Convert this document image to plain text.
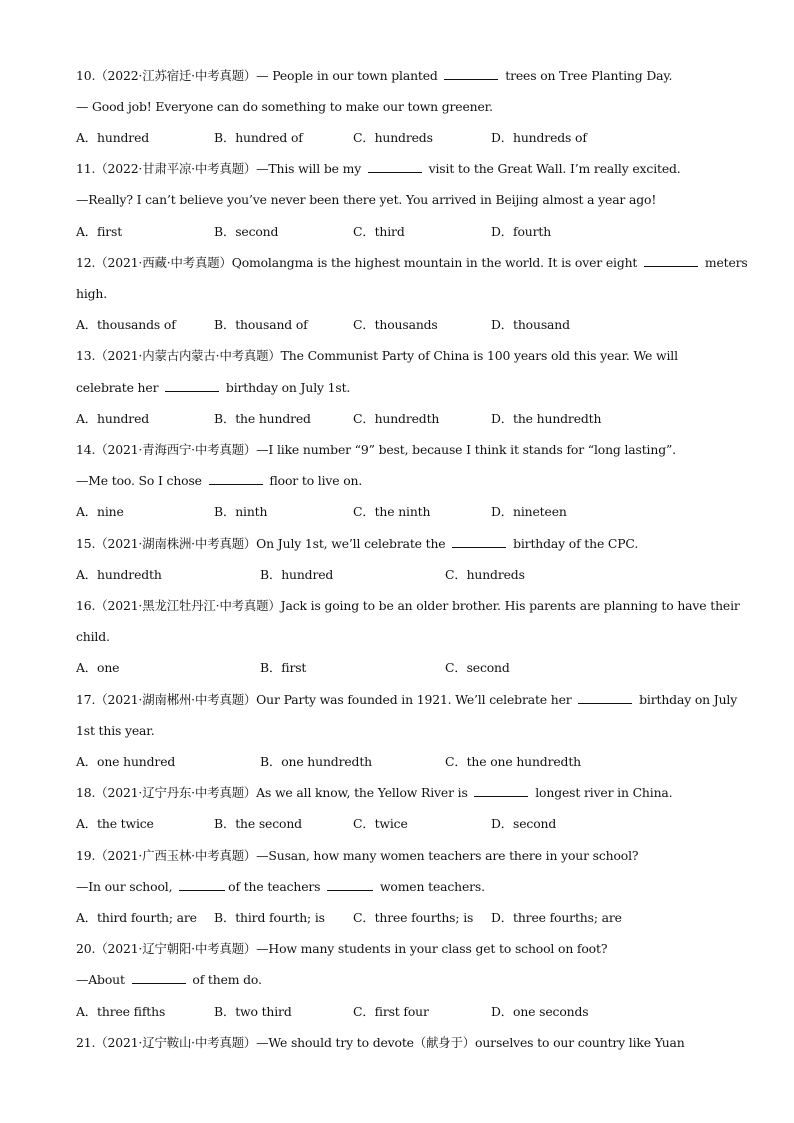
10.（2022·江苏宿迁·中考真题）— People in our town planted	trees on Tree Planting Day.
— Good job! Everyone can do something to make our town greener.
A．hundred	B．hundred of	C．hundreds	D．hundreds of
11.（2022·甘肃平凉·中考真题）—This will be my	visit to the Great Wall. I’m really excited.
—Really? I can’t believe you’ve never been there yet. You arrived in Beijing almost a year ago!
A．first	B．second	C．third	D．fourth
12.（2021·西藏·中考真题）Qomolangma is the highest mountain in the world. It is over eight	meters
high.
A．thousands of	B．thousand of	C．thousands	D．thousand
13.（2021·内蒙古内蒙古·中考真题）The Communist Party of China is 100 years old this year. We will
celebrate her	birthday on July 1st.
A．hundred	B．the hundred	C．hundredth	D．the hundredth
14.（2021·青海西宁·中考真题）—I like number “9” best, because I think it stands for “long lasting”.
—Me too. So I chose	floor to live on.
A．nine	B．ninth	C．the ninth	D．nineteen
15.（2021·湖南株洲·中考真题）On July 1st, we’ll celebrate the	birthday of the CPC.
A．hundredth	B．hundred	C．hundreds
16.（2021·黑龙江牡丹江·中考真题）Jack is going to be an older brother. His parents are planning to have their
child.
A．one	B．first	C．second
17.（2021·湖南郴州·中考真题）Our Party was founded in 1921. We’ll celebrate her	birthday on July
1st this year.
A．one hundred	B．one hundredth	C．the one hundredth
18.（2021·辽宁丹东·中考真题）As we all know, the Yellow River is	longest river in China.
A．the twice	B．the second	C．twice	D．second
19.（2021·广西玉林·中考真题）—Susan, how many women teachers are there in your school?
—In our school,	of the teachers	women teachers.
A．third fourth; are B．third fourth; is C．three fourths; is D．three fourths; are
20.（2021·辽宁朝阳·中考真题）—How many students in your class get to school on foot?
—About	of them do.
A．three fifths	B．two third	C．first four	D．one seconds
21.（2021·辽宁鞍山·中考真题）—We should try to devote（献身于）ourselves to our country like Yuan
